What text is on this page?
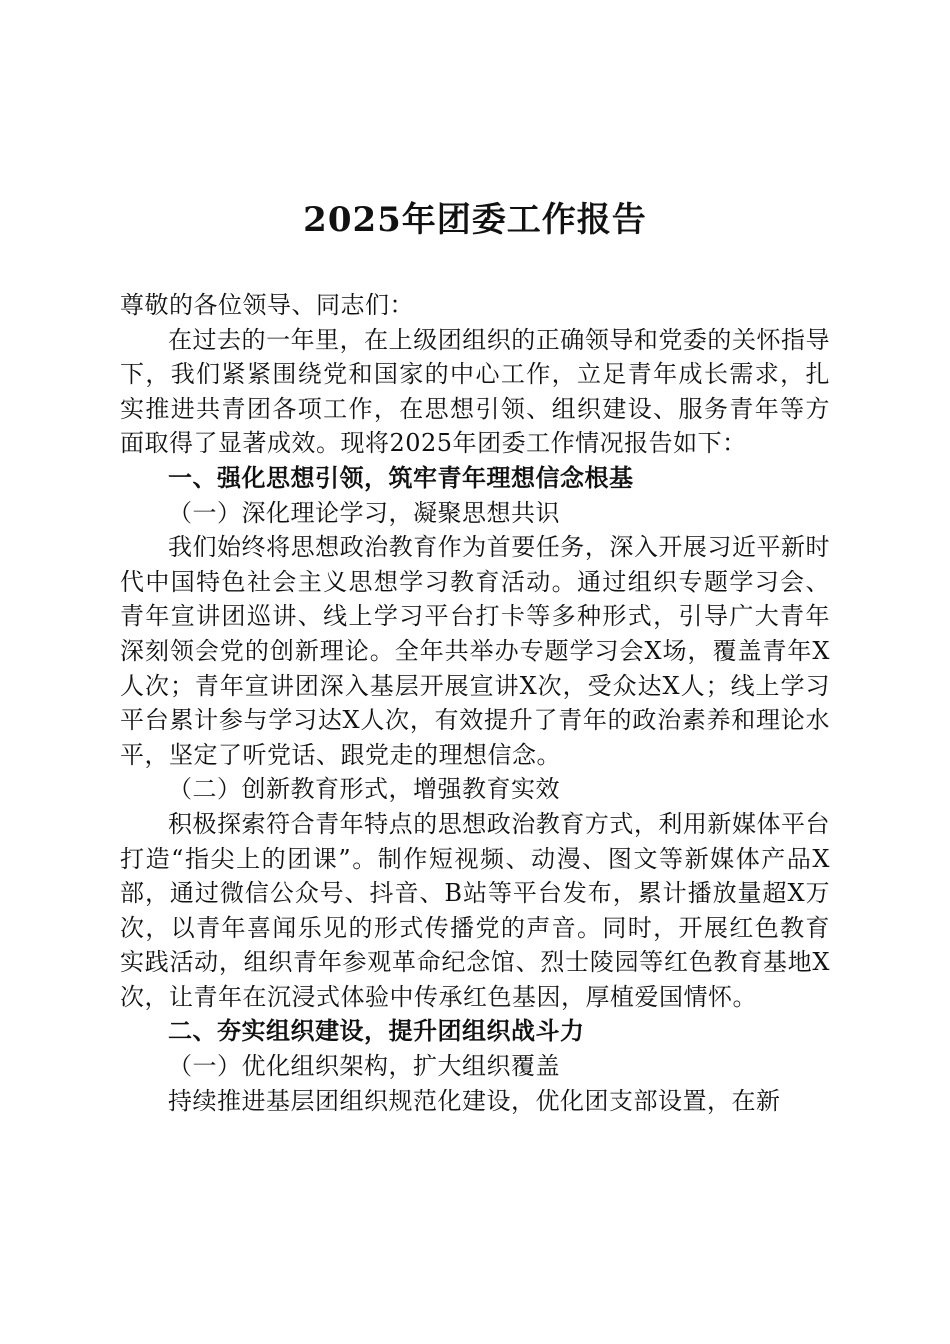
2025年团委工作报告

尊敬的各位领导、同志们：

在过去的一年里，在上级团组织的正确领导和党委的关怀指导下，我们紧紧围绕党和国家的中心工作，立足青年成长需求，扎实推进共青团各项工作，在思想引领、组织建设、服务青年等方面取得了显著成效。现将2025年团委工作情况报告如下：

一、强化思想引领，筑牢青年理想信念根基

（一）深化理论学习，凝聚思想共识

我们始终将思想政治教育作为首要任务，深入开展习近平新时代中国特色社会主义思想学习教育活动。通过组织专题学习会、青年宣讲团巡讲、线上学习平台打卡等多种形式，引导广大青年深刻领会党的创新理论。全年共举办专题学习会X场，覆盖青年X人次；青年宣讲团深入基层开展宣讲X次，受众达X人；线上学习平台累计参与学习达X人次，有效提升了青年的政治素养和理论水平，坚定了听党话、跟党走的理想信念。

（二）创新教育形式，增强教育实效

积极探索符合青年特点的思想政治教育方式，利用新媒体平台打造“指尖上的团课”。制作短视频、动漫、图文等新媒体产品X部，通过微信公众号、抖音、B站等平台发布，累计播放量超X万次，以青年喜闻乐见的形式传播党的声音。同时，开展红色教育实践活动，组织青年参观革命纪念馆、烈士陵园等红色教育基地X次，让青年在沉浸式体验中传承红色基因，厚植爱国情怀。

二、夯实组织建设，提升团组织战斗力

（一）优化组织架构，扩大组织覆盖

持续推进基层团组织规范化建设，优化团支部设置，在新
